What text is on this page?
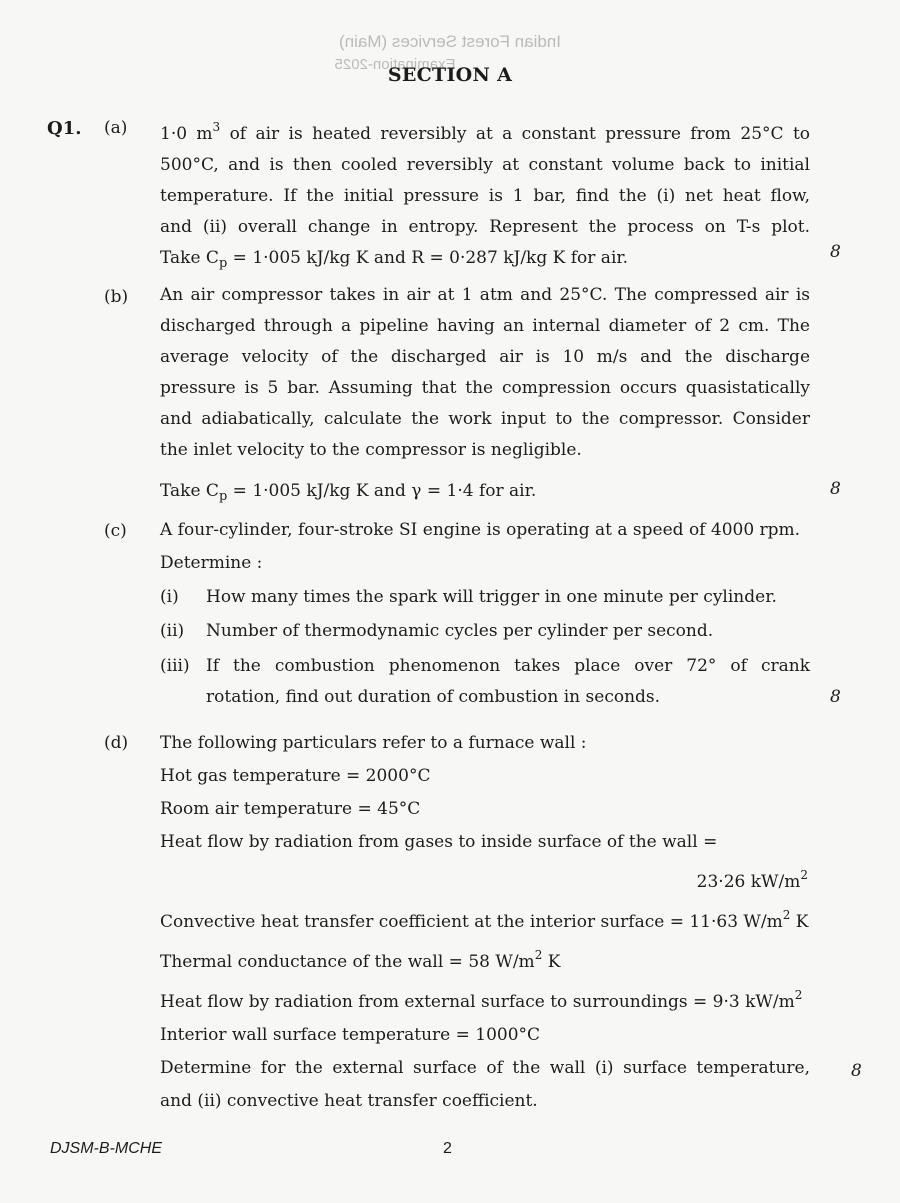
Indian Forest Services (Main)
Examination-2025
SECTION A
Q1. (a) 1·0 $m^3$ of air is heated reversibly at a constant pressure from 25°C to
500°C, and is then cooled reversibly at constant volume back to initial
temperature. If the initial pressure is 1 bar, find the (i) net heat flow,
and (ii) overall change in entropy. Represent the process on T-s plot.
Take $C_p = 1\cdot 005$ kJ/kg K and R = 0·287 kJ/kg K for air.	8
(b) An air compressor takes in air at 1 atm and 25°C. The compressed air is
discharged through a pipeline having an internal diameter of 2 cm. The
average velocity of the discharged air is 10 m/s and the discharge
pressure is 5 bar. Assuming that the compression occurs quasistatically
and adiabatically, calculate the work input to the compressor. Consider
the inlet velocity to the compressor is negligible.
Take $C_p = 1\cdot 005$ kJ/kg K and γ = 1·4 for air.	8
(c) A four-cylinder, four-stroke SI engine is operating at a speed of 4000 rpm.
Determine :
(i) How many times the spark will trigger in one minute per cylinder.
(ii) Number of thermodynamic cycles per cylinder per second.
(iii) If the combustion phenomenon takes place over 72° of crank
rotation, find out duration of combustion in seconds.	8
(d) The following particulars refer to a furnace wall :
Hot gas temperature = 2000°C
Room air temperature = 45°C
Heat flow by radiation from gases to inside surface of the wall =
23·26 $kW/m^2$
Convective heat transfer coefficient at the interior surface = 11·63 $W/m^2$ K
Thermal conductance of the wall = 58 $W/m^2$ K
Heat flow by radiation from external surface to surroundings = 9·3 $kW/m^2$
Interior wall surface temperature = 1000°C
Determine for the external surface of the wall (i) surface temperature,
and (ii) convective heat transfer coefficient.
8
DJSM-B-MCHE	2
